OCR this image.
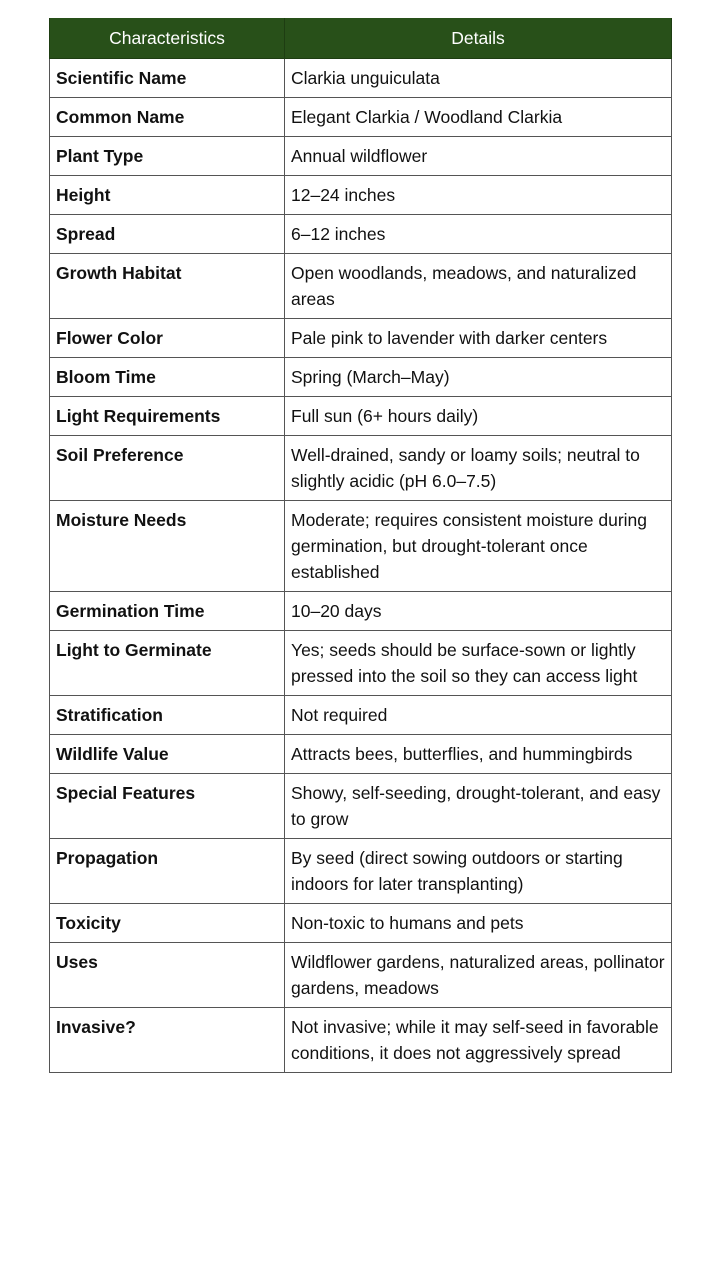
Characteristics	Details
Scientific Name	Clarkia unguiculata
Common Name	Elegant Clarkia / Woodland Clarkia
Plant Type	Annual wildflower
Height	12–24 inches
Spread	6–12 inches
Growth Habitat	Open woodlands, meadows, and naturalized areas
Flower Color	Pale pink to lavender with darker centers
Bloom Time	Spring (March–May)
Light Requirements	Full sun (6+ hours daily)
Soil Preference	Well-drained, sandy or loamy soils; neutral to slightly acidic (pH 6.0–7.5)
Moisture Needs	Moderate; requires consistent moisture during germination, but drought-tolerant once established
Germination Time	10–20 days
Light to Germinate	Yes; seeds should be surface-sown or lightly pressed into the soil so they can access light
Stratification	Not required
Wildlife Value	Attracts bees, butterflies, and hummingbirds
Special Features	Showy, self-seeding, drought-tolerant, and easy to grow
Propagation	By seed (direct sowing outdoors or starting indoors for later transplanting)
Toxicity	Non-toxic to humans and pets
Uses	Wildflower gardens, naturalized areas, pollinator gardens, meadows
Invasive?	Not invasive; while it may self-seed in favorable conditions, it does not aggressively spread
